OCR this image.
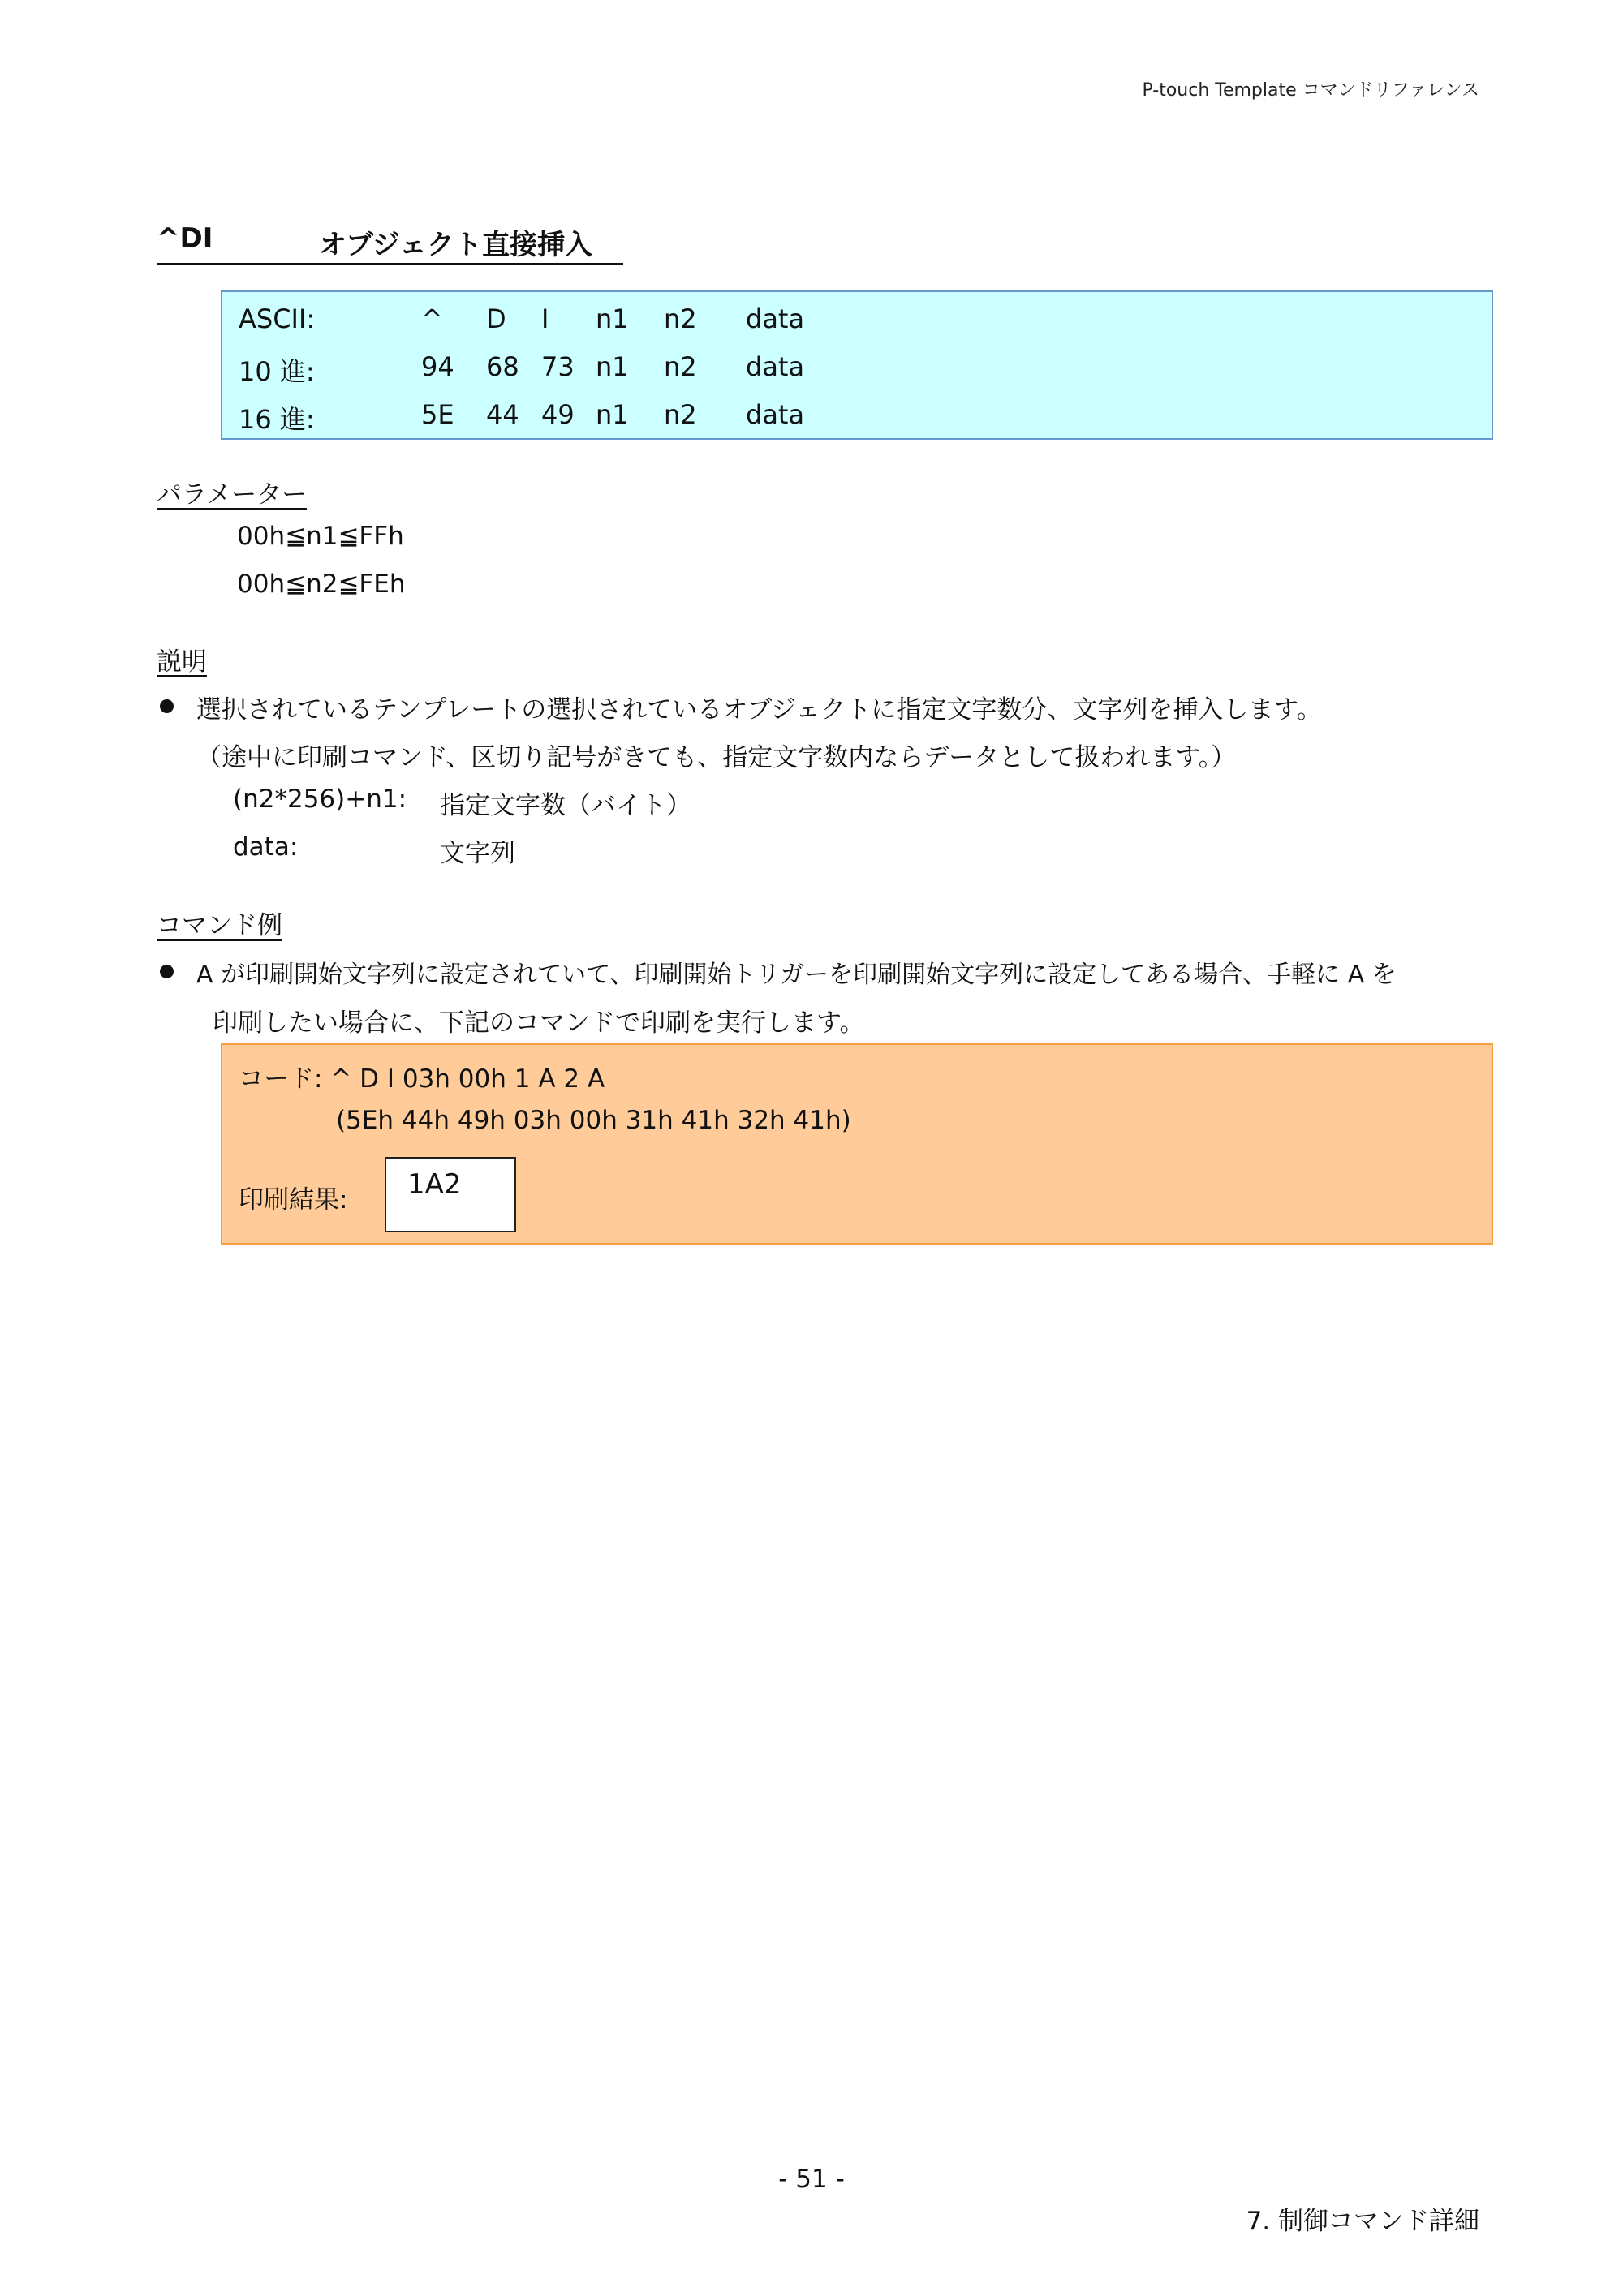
P-touch Template コマンドリファレンス
^DI	オブジェクト直接挿入
ASCII:	^ D I n1 n2 data
10 進:	94 68 73 n1 n2 data
16 進:	5E 44 49 n1 n2 data
パラメーター
00h≦n1≦FFh
00h≦n2≦FEh
説明
選択されているテンプレートの選択されているオブジェクトに指定文字数分、文字列を挿入します。
（途中に印刷コマンド、区切り記号がきても、指定文字数内ならデータとして扱われます。）
(n2*256)+n1: 指定文字数（バイト）
data:	文字列
コマンド例
A が印刷開始文字列に設定されていて、印刷開始トリガーを印刷開始文字列に設定してある場合、手軽に A を
印刷したい場合に、下記のコマンドで印刷を実行します。
コード: ^ D I 03h 00h 1 A 2 A
(5Eh 44h 49h 03h 00h 31h 41h 32h 41h)
印刷結果: 1A2
- 51 -
7. 制御コマンド詳細
